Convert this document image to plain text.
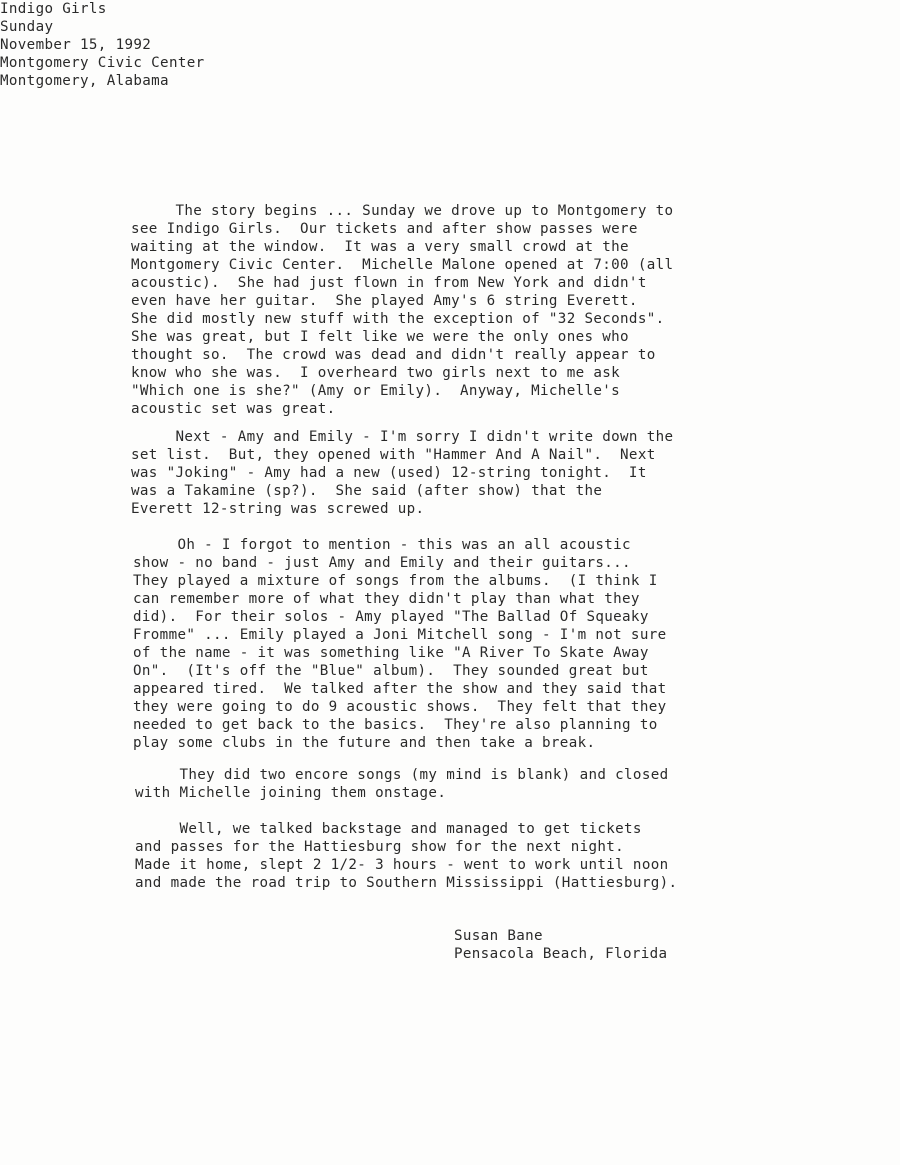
Indigo Girls
Sunday
November 15, 1992
Montgomery Civic Center
Montgomery, Alabama
The story begins ... Sunday we drove up to Montgomery to
see Indigo Girls.  Our tickets and after show passes were
waiting at the window.  It was a very small crowd at the
Montgomery Civic Center.  Michelle Malone opened at 7:00 (all
acoustic).  She had just flown in from New York and didn't
even have her guitar.  She played Amy's 6 string Everett.
She did mostly new stuff with the exception of "32 Seconds".
She was great, but I felt like we were the only ones who
thought so.  The crowd was dead and didn't really appear to
know who she was.  I overheard two girls next to me ask
"Which one is she?" (Amy or Emily).  Anyway, Michelle's
acoustic set was great.
Next - Amy and Emily - I'm sorry I didn't write down the
set list.  But, they opened with "Hammer And A Nail".  Next
was "Joking" - Amy had a new (used) 12-string tonight.  It
was a Takamine (sp?).  She said (after show) that the
Everett 12-string was screwed up.
Oh - I forgot to mention - this was an all acoustic
show - no band - just Amy and Emily and their guitars...
They played a mixture of songs from the albums.  (I think I
can remember more of what they didn't play than what they
did).  For their solos - Amy played "The Ballad Of Squeaky
Fromme" ... Emily played a Joni Mitchell song - I'm not sure
of the name - it was something like "A River To Skate Away
On".  (It's off the "Blue" album).  They sounded great but
appeared tired.  We talked after the show and they said that
they were going to do 9 acoustic shows.  They felt that they
needed to get back to the basics.  They're also planning to
play some clubs in the future and then take a break.
They did two encore songs (my mind is blank) and closed
with Michelle joining them onstage.
Well, we talked backstage and managed to get tickets
and passes for the Hattiesburg show for the next night.
Made it home, slept 2 1/2- 3 hours - went to work until noon
and made the road trip to Southern Mississippi (Hattiesburg).
Susan Bane
Pensacola Beach, Florida
